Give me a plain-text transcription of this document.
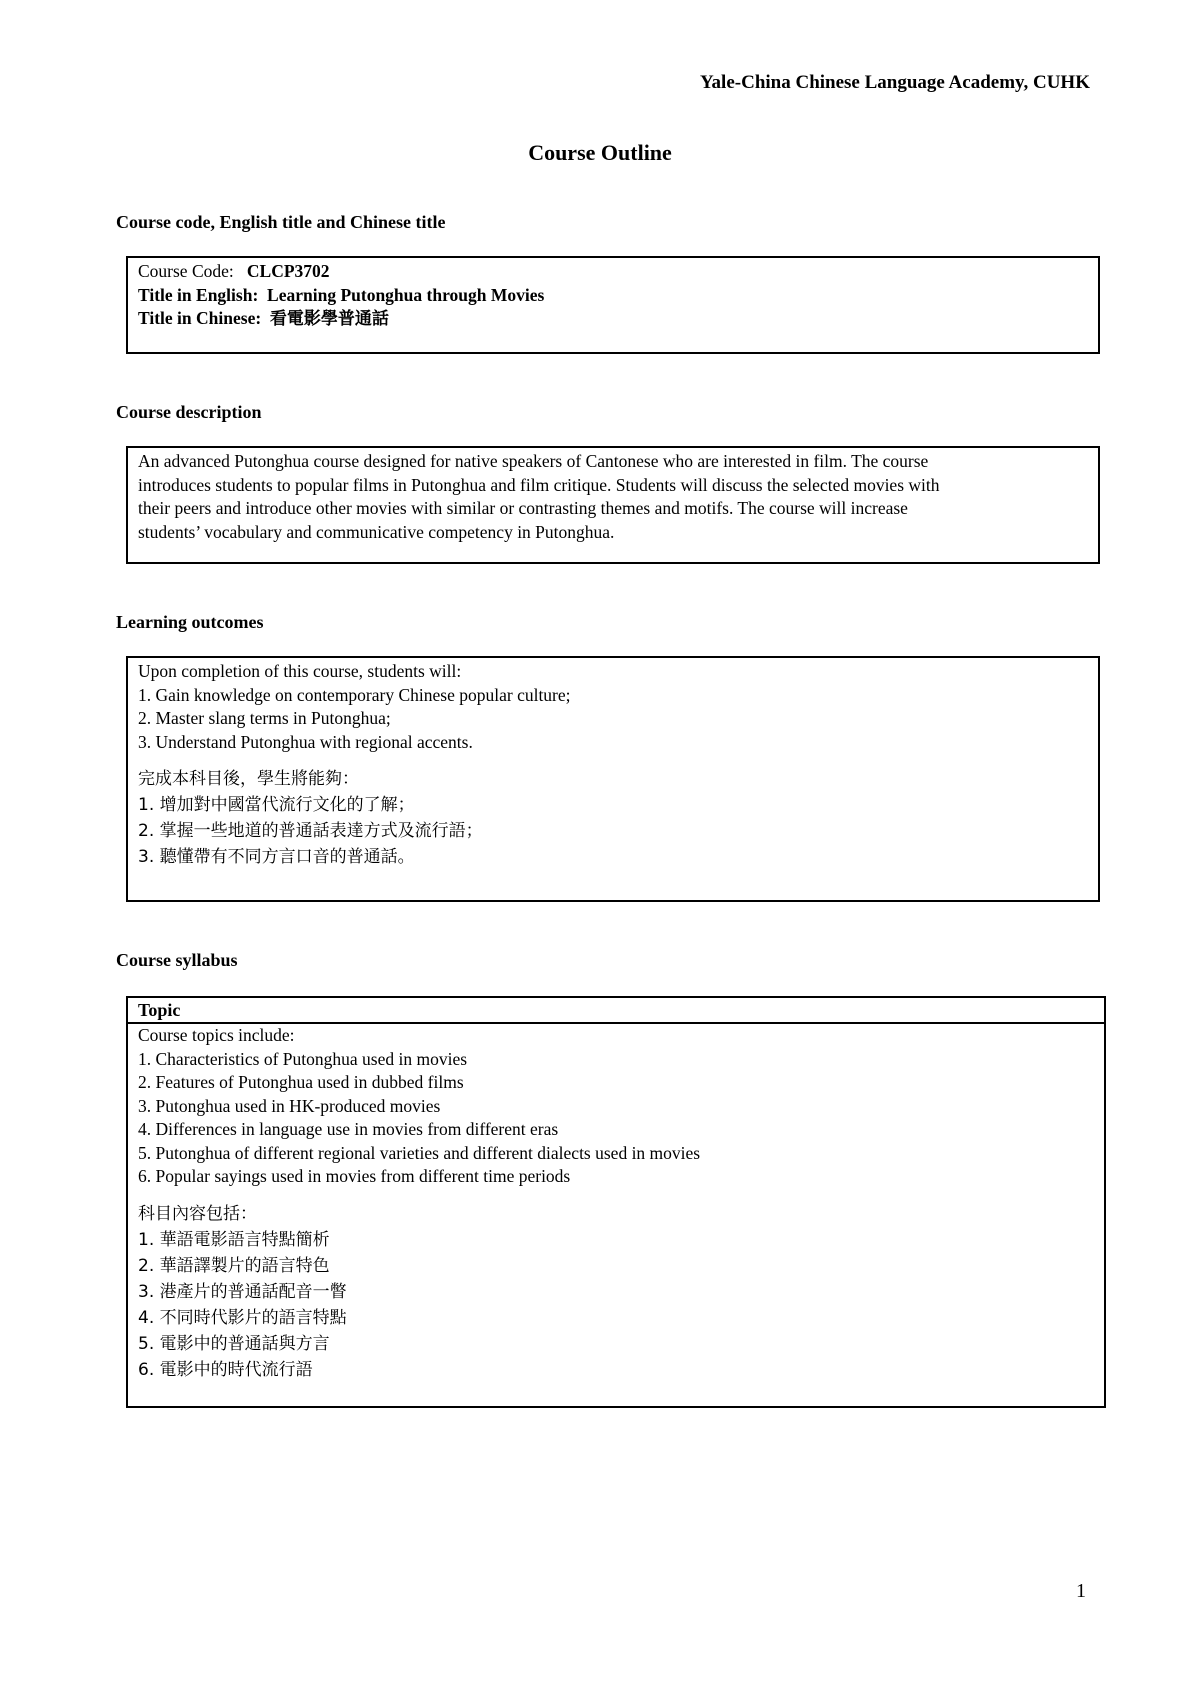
Yale-China Chinese Language Academy, CUHK
Course Outline
Course code, English title and Chinese title
Course Code: CLCP3702
Title in English: Learning Putonghua through Movies
Title in Chinese: 看電影學普通話
Course description
An advanced Putonghua course designed for native speakers of Cantonese who are interested in film. The course
introduces students to popular films in Putonghua and film critique. Students will discuss the selected movies with
their peers and introduce other movies with similar or contrasting themes and motifs. The course will increase
students’ vocabulary and communicative competency in Putonghua.
Learning outcomes
Upon completion of this course, students will:
1. Gain knowledge on contemporary Chinese popular culture;
2. Master slang terms in Putonghua;
3. Understand Putonghua with regional accents.
完成本科目後，學生將能夠：
1. 增加對中國當代流行文化的了解；
2. 掌握一些地道的普通話表達方式及流行語；
3. 聽懂帶有不同方言口音的普通話。
Course syllabus
Topic
Course topics include:
1. Characteristics of Putonghua used in movies
2. Features of Putonghua used in dubbed films
3. Putonghua used in HK-produced movies
4. Differences in language use in movies from different eras
5. Putonghua of different regional varieties and different dialects used in movies
6. Popular sayings used in movies from different time periods
科目內容包括：
1. 華語電影語言特點簡析
2. 華語譯製片的語言特色
3. 港產片的普通話配音一瞥
4. 不同時代影片的語言特點
5. 電影中的普通話與方言
6. 電影中的時代流行語
1
